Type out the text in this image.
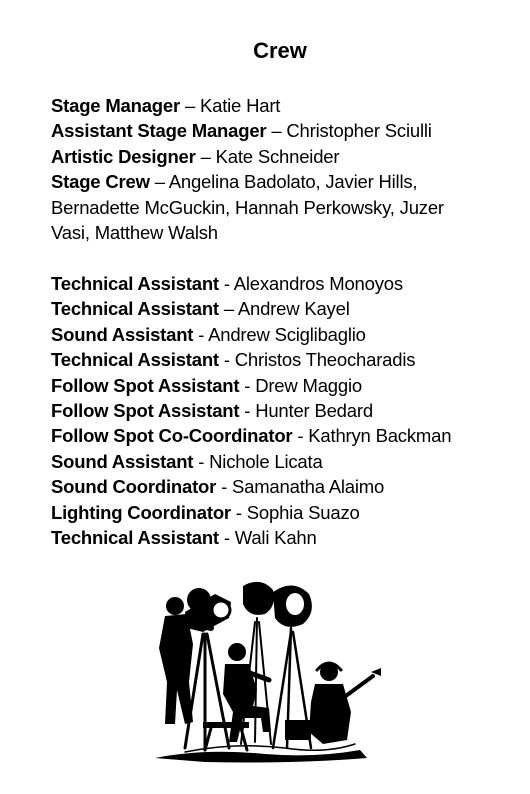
Crew

Stage Manager – Katie Hart

Assistant Stage Manager – Christopher Sciulli

Artistic Designer – Kate Schneider

Stage Crew – Angelina Badolato, Javier Hills, Bernadette McGuckin, Hannah Perkowsky, Juzer Vasi, Matthew Walsh

Technical Assistant - Alexandros Monoyos

Technical Assistant – Andrew Kayel

Sound Assistant - Andrew Sciglibaglio

Technical Assistant - Christos Theocharadis

Follow Spot Assistant - Drew Maggio

Follow Spot Assistant - Hunter Bedard

Follow Spot Co-Coordinator - Kathryn Backman

Sound Assistant - Nichole Licata

Sound Coordinator - Samanatha Alaimo

Lighting Coordinator - Sophia Suazo

Technical Assistant - Wali Kahn
